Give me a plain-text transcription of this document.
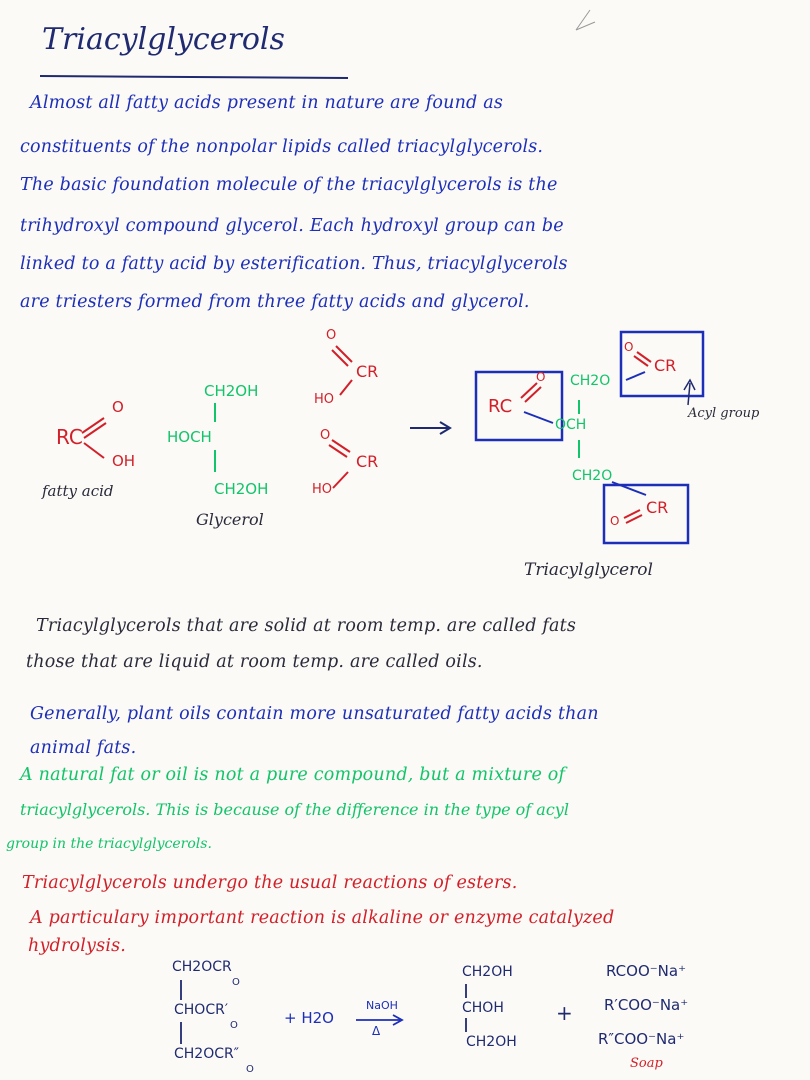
Triacylglycerols
Almost all fatty acids present in nature are found as
constituents of the nonpolar lipids called triacylglycerols.
The basic foundation molecule of the triacylglycerols is the
trihydroxyl compound glycerol. Each hydroxyl group can be
linked to a fatty acid by esterification. Thus, triacylglycerols
are triesters formed from three fatty acids and glycerol.
RC
O
OH
fatty acid
CH2OH
HOCH
CH2OH
Glycerol
O
CR
HO
O
CR
HO
RC
O CH2O
OCH
CH2O
O
CR
O
CR
Acyl group
Triacylglycerol
Triacylglycerols that are solid at room temp. are called fats
those that are liquid at room temp. are called oils.
Generally, plant oils contain more unsaturated fatty acids than
animal fats.
A natural fat or oil is not a pure compound, but a mixture of
triacylglycerols. This is because of the difference in the type of acyl
group in the triacylglycerols.
Triacylglycerols undergo the usual reactions of esters.
A particulary important reaction is alkaline or enzyme catalyzed
hydrolysis.
CH2OCR
O
CHOCR′
O
CH2OCR″
O
+ H2O
NaOH
Δ
CH2OH
CHOH
CH2OH
+
RCOO⁻Na⁺
R′COO⁻Na⁺
R″COO⁻Na⁺
Soap
